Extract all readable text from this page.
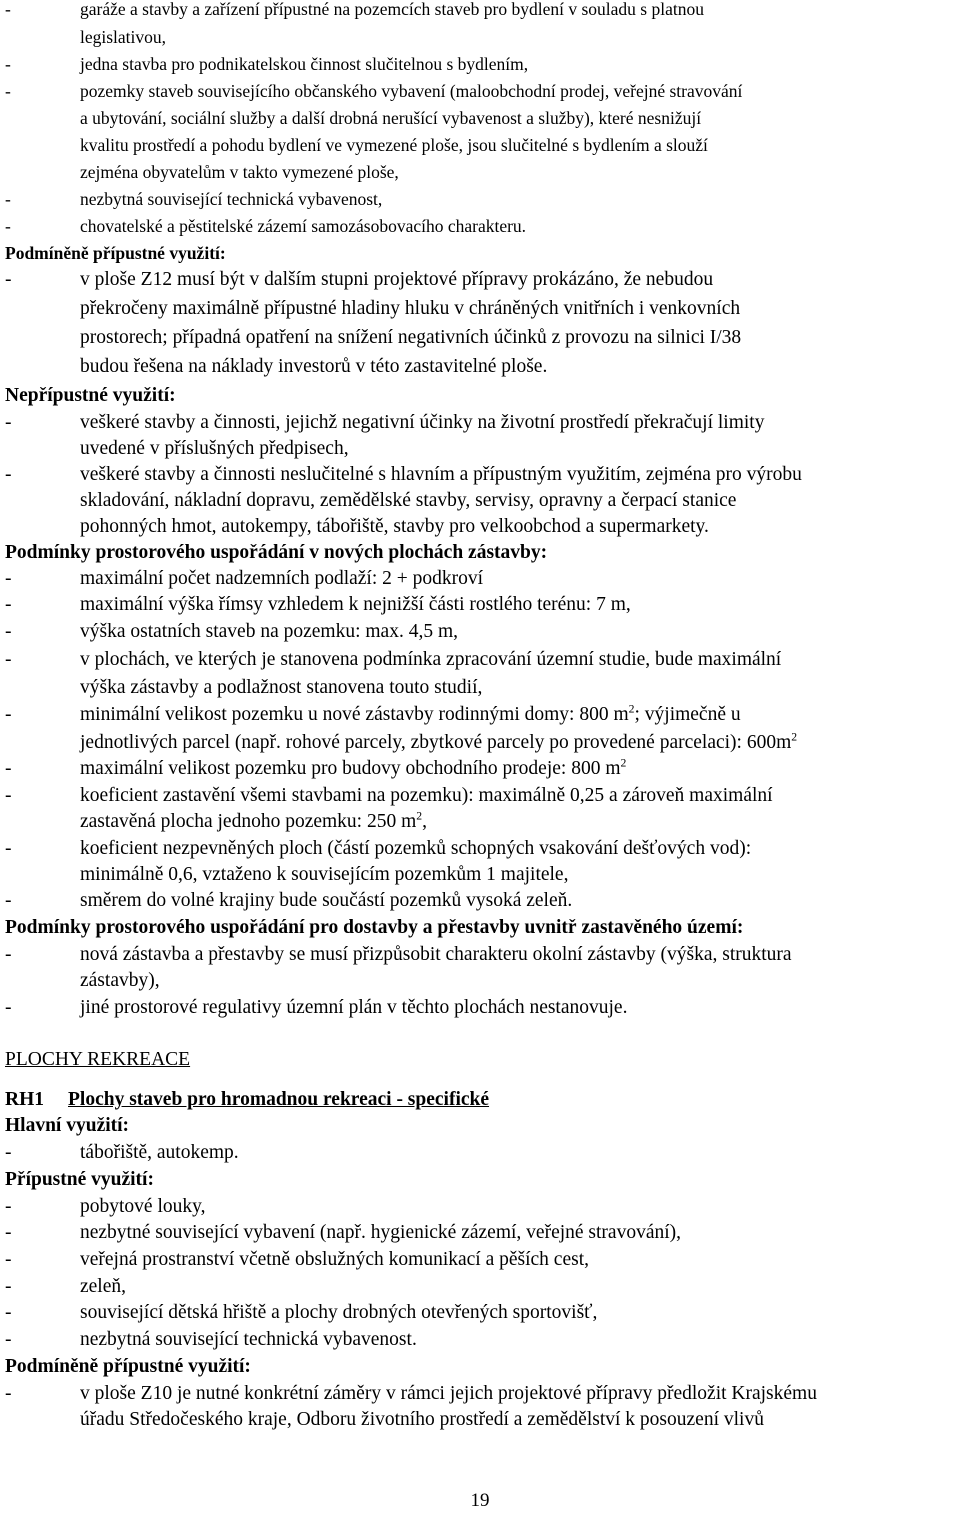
-	garáže a stavby a zařízení přípustné na pozemcích staveb pro bydlení v souladu s platnou
legislativou,
-	jedna stavba pro podnikatelskou činnost slučitelnou s bydlením,
-	pozemky staveb souvisejícího občanského vybavení (maloobchodní prodej, veřejné stravování
a ubytování, sociální služby a další drobná nerušící vybavenost a služby), které nesnižují
kvalitu prostředí a pohodu bydlení ve vymezené ploše, jsou slučitelné s bydlením a slouží
zejména obyvatelům v takto vymezené ploše,
-	nezbytná související technická vybavenost,
-	chovatelské a pěstitelské zázemí samozásobovacího charakteru.
Podmíněně přípustné využití:
-	v ploše Z12 musí být v dalším stupni projektové přípravy prokázáno, že nebudou
překročeny maximálně přípustné hladiny hluku v chráněných vnitřních i venkovních
prostorech; případná opatření na snížení negativních účinků z provozu na silnici I/38
budou řešena na náklady investorů v této zastavitelné ploše.
Nepřípustné využití:
-	veškeré stavby a činnosti, jejichž negativní účinky na životní prostředí překračují limity
uvedené v příslušných předpisech,
-	veškeré stavby a činnosti neslučitelné s hlavním a přípustným využitím, zejména pro výrobu
skladování, nákladní dopravu, zemědělské stavby, servisy, opravny a čerpací stanice
pohonných hmot, autokempy, tábořiště, stavby pro velkoobchod a supermarkety.
Podmínky prostorového uspořádání v nových plochách zástavby:
-	maximální počet nadzemních podlaží: 2 + podkroví
-	maximální výška římsy vzhledem k nejnižší části rostlého terénu: 7 m,
-	výška ostatních staveb na pozemku: max. 4,5 m,
-	v plochách, ve kterých je stanovena podmínka zpracování územní studie, bude maximální
výška zástavby a podlažnost stanovena touto studií,
-	minimální velikost pozemku u nové zástavby rodinnými domy: 800 $m^2$; výjimečně u
jednotlivých parcel (např. rohové parcely, zbytkové parcely po provedené parcelaci): $600m^2$
-	maximální velikost pozemku pro budovy obchodního prodeje: 800 $m^2$
-	koeficient zastavění všemi stavbami na pozemku): maximálně 0,25 a zároveň maximální
zastavěná plocha jednoho pozemku: 250 $m^2$,
-	koeficient nezpevněných ploch (částí pozemků schopných vsakování dešťových vod):
minimálně 0,6, vztaženo k souvisejícím pozemkům 1 majitele,
-	směrem do volné krajiny bude součástí pozemků vysoká zeleň.
Podmínky prostorového uspořádání pro dostavby a přestavby uvnitř zastavěného území:
-	nová zástavba a přestavby se musí přizpůsobit charakteru okolní zástavby (výška, struktura
zástavby),
-	jiné prostorové regulativy územní plán v těchto plochách nestanovuje.
PLOCHY REKREACE
RH1 Plochy staveb pro hromadnou rekreaci - specifické
Hlavní využití:
-	tábořiště, autokemp.
Přípustné využití:
-	pobytové louky,
-	nezbytné související vybavení (např. hygienické zázemí, veřejné stravování),
-	veřejná prostranství včetně obslužných komunikací a pěších cest,
-	zeleň,
-	související dětská hřiště a plochy drobných otevřených sportovišť,
-	nezbytná související technická vybavenost.
Podmíněně přípustné využití:
-	v ploše Z10 je nutné konkrétní záměry v rámci jejich projektové přípravy předložit Krajskému
úřadu Středočeského kraje, Odboru životního prostředí a zemědělství k posouzení vlivů
19
